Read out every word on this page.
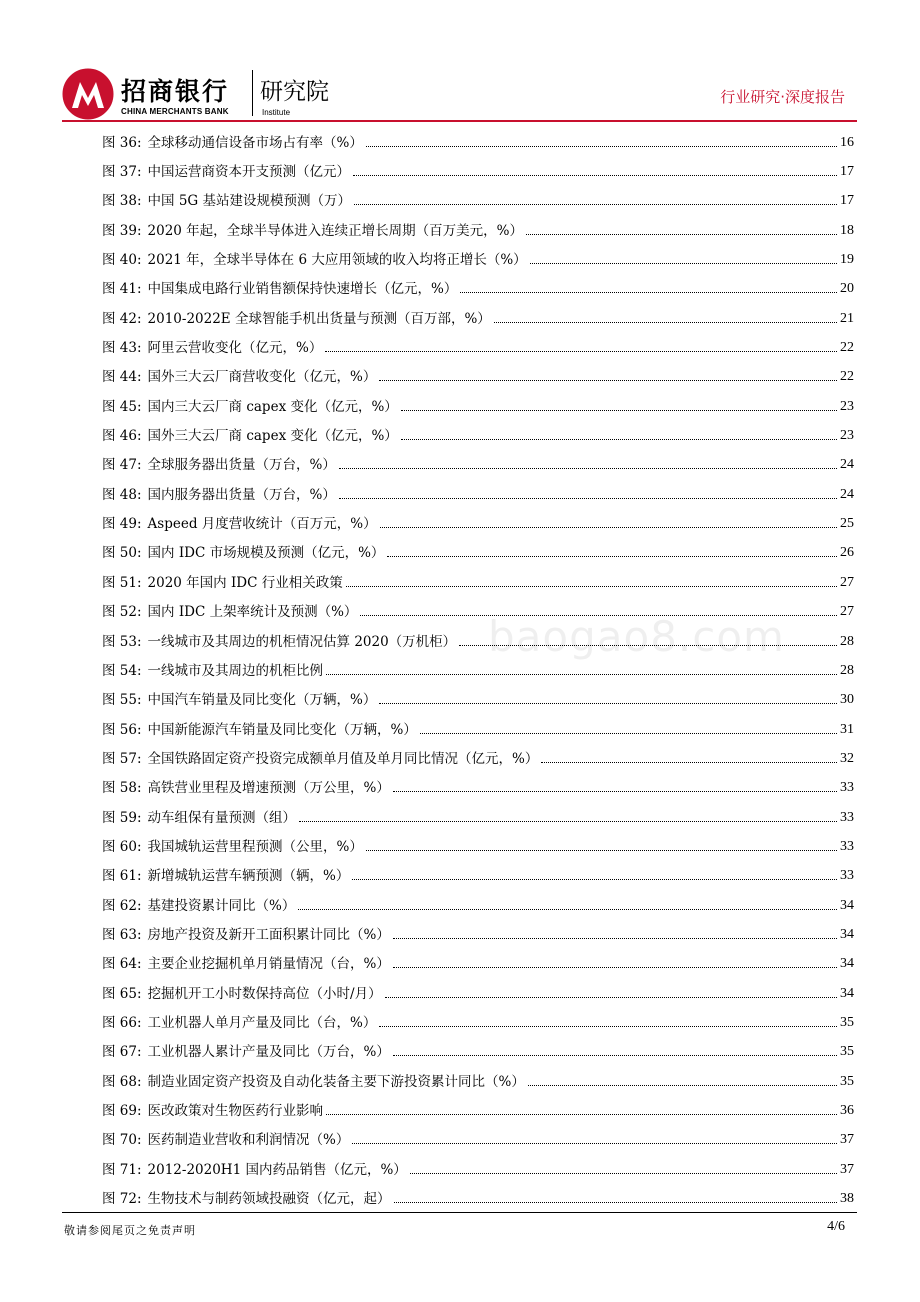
招商银行
CHINA MERCHANTS BANK
研究院
Institute
行业研究·深度报告
图 36: 全球移动通信设备市场占有率（%）	16
图 37: 中国运营商资本开支预测（亿元）	17
图 38: 中国 5G 基站建设规模预测（万）	17
图 39: 2020 年起，全球半导体进入连续正增长周期（百万美元，%）	18
图 40: 2021 年，全球半导体在 6 大应用领域的收入均将正增长（%）	19
图 41: 中国集成电路行业销售额保持快速增长（亿元，%）	20
图 42: 2010-2022E 全球智能手机出货量与预测（百万部，%）	21
图 43: 阿里云营收变化（亿元，%）	22
图 44: 国外三大云厂商营收变化（亿元，%）	22
图 45: 国内三大云厂商 capex 变化（亿元，%）	23
图 46: 国外三大云厂商 capex 变化（亿元，%）	23
图 47: 全球服务器出货量（万台，%）	24
图 48: 国内服务器出货量（万台，%）	24
图 49: Aspeed 月度营收统计（百万元，%）	25
图 50: 国内 IDC 市场规模及预测（亿元，%）	26
图 51: 2020 年国内 IDC 行业相关政策	27
图 52: 国内 IDC 上架率统计及预测（%）	27
图 53: 一线城市及其周边的机柜情况估算 2020（万机柜）	28
图 54: 一线城市及其周边的机柜比例	28
图 55: 中国汽车销量及同比变化（万辆，%）	30
图 56: 中国新能源汽车销量及同比变化（万辆，%）	31
图 57: 全国铁路固定资产投资完成额单月值及单月同比情况（亿元，%）	32
图 58: 高铁营业里程及增速预测（万公里，%）	33
图 59: 动车组保有量预测（组）	33
图 60: 我国城轨运营里程预测（公里，%）	33
图 61: 新增城轨运营车辆预测（辆，%）	33
图 62: 基建投资累计同比（%）	34
图 63: 房地产投资及新开工面积累计同比（%）	34
图 64: 主要企业挖掘机单月销量情况（台，%）	34
图 65: 挖掘机开工小时数保持高位（小时/月）	34
图 66: 工业机器人单月产量及同比（台，%）	35
图 67: 工业机器人累计产量及同比（万台，%）	35
图 68: 制造业固定资产投资及自动化装备主要下游投资累计同比（%）	35
图 69: 医改政策对生物医药行业影响	36
图 70: 医药制造业营收和利润情况（%）	37
图 71: 2012-2020H1 国内药品销售（亿元，%）	37
图 72: 生物技术与制药领域投融资（亿元，起）	38
baogao8.com
敬请参阅尾页之免责声明	4/6
